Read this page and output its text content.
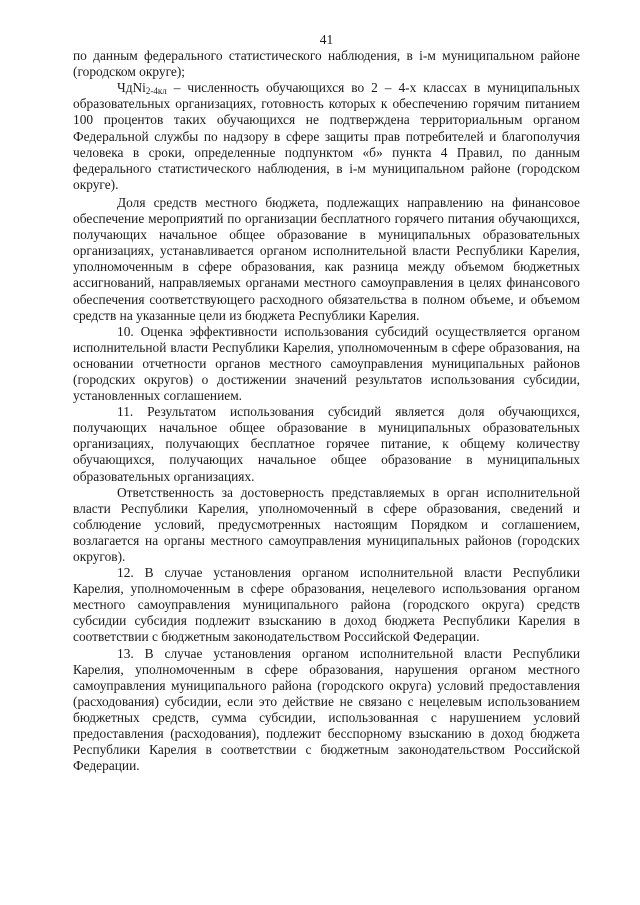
41

по данным федерального статистического наблюдения, в i-м муниципальном районе (городском округе);

ЧдNi$_{2-4кл}$ – численность обучающихся во 2 – 4-х классах в муниципальных образовательных организациях, готовность которых к обеспечению горячим питанием 100 процентов таких обучающихся не подтверждена территориальным органом Федеральной службы по надзору в сфере защиты прав потребителей и благополучия человека в сроки, определенные подпунктом «б» пункта 4 Правил, по данным федерального статистического наблюдения, в i-м муниципальном районе (городском округе).

Доля средств местного бюджета, подлежащих направлению на финансовое обеспечение мероприятий по организации бесплатного горячего питания обучающихся, получающих начальное общее образование в муниципальных образовательных организациях, устанавливается органом исполнительной власти Республики Карелия, уполномоченным в сфере образования, как разница между объемом бюджетных ассигнований, направляемых органами местного самоуправления в целях финансового обеспечения соответствующего расходного обязательства в полном объеме, и объемом средств на указанные цели из бюджета Республики Карелия.

10. Оценка эффективности использования субсидий осуществляется органом исполнительной власти Республики Карелия, уполномоченным в сфере образования, на основании отчетности органов местного самоуправления муниципальных районов (городских округов) о достижении значений результатов использования субсидии, установленных соглашением.

11. Результатом использования субсидий является доля обучающихся, получающих начальное общее образование в муниципальных образовательных организациях, получающих бесплатное горячее питание, к общему количеству обучающихся, получающих начальное общее образование в муниципальных образовательных организациях.

Ответственность за достоверность представляемых в орган исполнительной власти Республики Карелия, уполномоченный в сфере образования, сведений и соблюдение условий, предусмотренных настоящим Порядком и соглашением, возлагается на органы местного самоуправления муниципальных районов (городских округов).

12. В случае установления органом исполнительной власти Республики Карелия, уполномоченным в сфере образования, нецелевого использования органом местного самоуправления муниципального района (городского округа) средств субсидии субсидия подлежит взысканию в доход бюджета Республики Карелия в соответствии с бюджетным законодательством Российской Федерации.

13. В случае установления органом исполнительной власти Республики Карелия, уполномоченным в сфере образования, нарушения органом местного самоуправления муниципального района (городского округа) условий предоставления (расходования) субсидии, если это действие не связано с нецелевым использованием бюджетных средств, сумма субсидии, использованная с нарушением условий предоставления (расходования), подлежит бесспорному взысканию в доход бюджета Республики Карелия в соответствии с бюджетным законодательством Российской Федерации.
